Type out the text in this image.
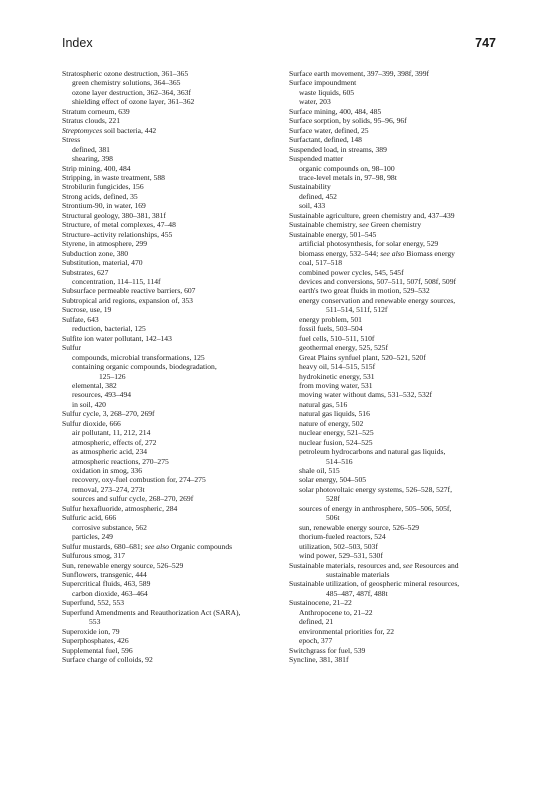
Index	747
Stratospheric ozone destruction, 361–365
green chemistry solutions, 364–365
ozone layer destruction, 362–364, 363f
shielding effect of ozone layer, 361–362
Stratum corneum, 639
Stratus clouds, 221
Streptomyces soil bacteria, 442
Stress
defined, 381
shearing, 398
Strip mining, 400, 484
Stripping, in waste treatment, 588
Strobilurin fungicides, 156
Strong acids, defined, 35
Strontium-90, in water, 169
Structural geology, 380–381, 381f
Structure, of metal complexes, 47–48
Structure–activity relationships, 455
Styrene, in atmosphere, 299
Subduction zone, 380
Substitution, material, 470
Substrates, 627
concentration, 114–115, 114f
Subsurface permeable reactive barriers, 607
Subtropical arid regions, expansion of, 353
Sucrose, use, 19
Sulfate, 643
reduction, bacterial, 125
Sulfite ion water pollutant, 142–143
Sulfur
compounds, microbial transformations, 125
containing organic compounds, biodegradation,
125–126
elemental, 382
resources, 493–494
in soil, 420
Sulfur cycle, 3, 268–270, 269f
Sulfur dioxide, 666
air pollutant, 11, 212, 214
atmospheric, effects of, 272
as atmospheric acid, 234
atmospheric reactions, 270–275
oxidation in smog, 336
recovery, oxy-fuel combustion for, 274–275
removal, 273–274, 273t
sources and sulfur cycle, 268–270, 269f
Sulfur hexafluoride, atmospheric, 284
Sulfuric acid, 666
corrosive substance, 562
particles, 249
Sulfur mustards, 680–681; see also Organic compounds
Sulfurous smog, 317
Sun, renewable energy source, 526–529
Sunflowers, transgenic, 444
Supercritical fluids, 463, 589
carbon dioxide, 463–464
Superfund, 552, 553
Superfund Amendments and Reauthorization Act (SARA),
553
Superoxide ion, 79
Superphosphates, 426
Supplemental fuel, 596
Surface charge of colloids, 92
Surface earth movement, 397–399, 398f, 399f
Surface impoundment
waste liquids, 605
water, 203
Surface mining, 400, 484, 485
Surface sorption, by solids, 95–96, 96f
Surface water, defined, 25
Surfactant, defined, 148
Suspended load, in streams, 389
Suspended matter
organic compounds on, 98–100
trace-level metals in, 97–98, 98t
Sustainability
defined, 452
soil, 433
Sustainable agriculture, green chemistry and, 437–439
Sustainable chemistry, see Green chemistry
Sustainable energy, 501–545
artificial photosynthesis, for solar energy, 529
biomass energy, 532–544; see also Biomass energy
coal, 517–518
combined power cycles, 545, 545f
devices and conversions, 507–511, 507f, 508f, 509f
earth's two great fluids in motion, 529–532
energy conservation and renewable energy sources,
511–514, 511f, 512f
energy problem, 501
fossil fuels, 503–504
fuel cells, 510–511, 510f
geothermal energy, 525, 525f
Great Plains synfuel plant, 520–521, 520f
heavy oil, 514–515, 515f
hydrokinetic energy, 531
from moving water, 531
moving water without dams, 531–532, 532f
natural gas, 516
natural gas liquids, 516
nature of energy, 502
nuclear energy, 521–525
nuclear fusion, 524–525
petroleum hydrocarbons and natural gas liquids,
514–516
shale oil, 515
solar energy, 504–505
solar photovoltaic energy systems, 526–528, 527f,
528f
sources of energy in anthrosphere, 505–506, 505f,
506t
sun, renewable energy source, 526–529
thorium-fueled reactors, 524
utilization, 502–503, 503f
wind power, 529–531, 530f
Sustainable materials, resources and, see Resources and
sustainable materials
Sustainable utilization, of geospheric mineral resources,
485–487, 487f, 488t
Sustainocene, 21–22
Anthropocene to, 21–22
defined, 21
environmental priorities for, 22
epoch, 377
Switchgrass for fuel, 539
Syncline, 381, 381f
